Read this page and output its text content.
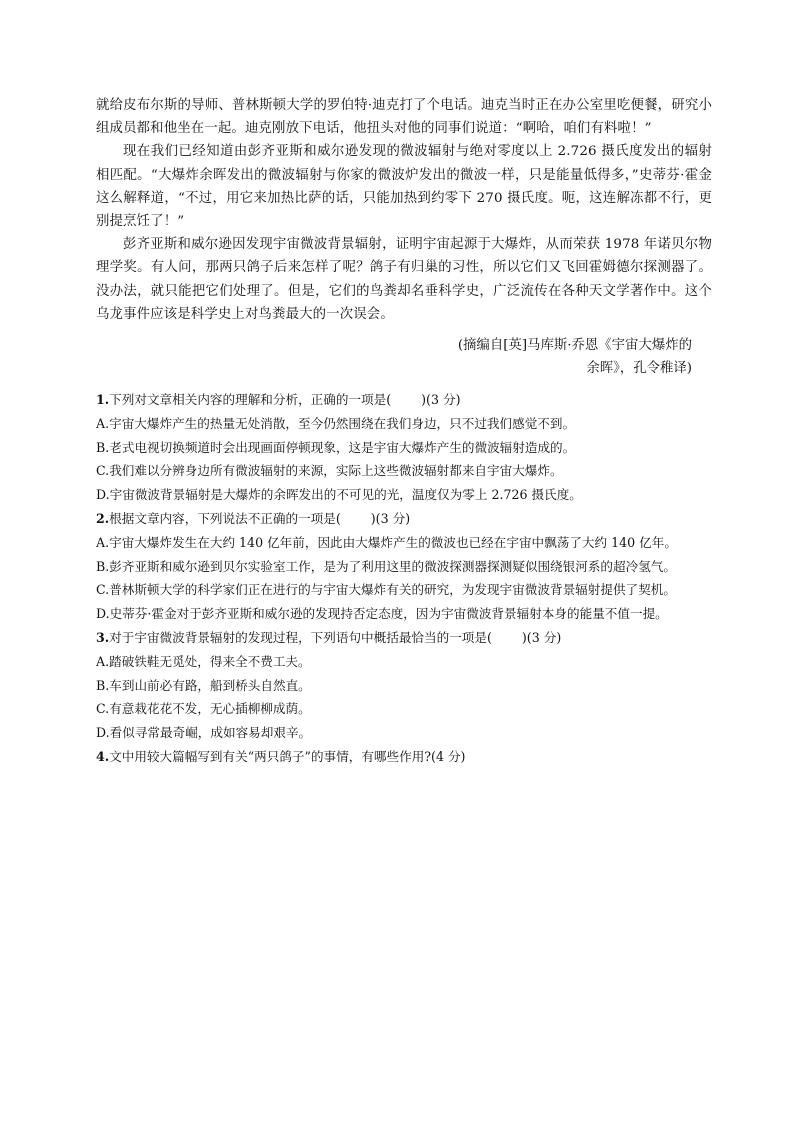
就给皮布尔斯的导师、普林斯顿大学的罗伯特·迪克打了个电话。迪克当时正在办公室里吃便餐，研究小组成员都和他坐在一起。迪克刚放下电话，他扭头对他的同事们说道：“啊哈，咱们有料啦！”

现在我们已经知道由彭齐亚斯和威尔逊发现的微波辐射与绝对零度以上 2.726 摄氏度发出的辐射相匹配。“大爆炸余晖发出的微波辐射与你家的微波炉发出的微波一样，只是能量低得多，”史蒂芬·霍金这么解释道，“不过，用它来加热比萨的话，只能加热到约零下 270 摄氏度。呃，这连解冻都不行，更别提烹饪了！”

彭齐亚斯和威尔逊因发现宇宙微波背景辐射，证明宇宙起源于大爆炸，从而荣获 1978 年诺贝尔物理学奖。有人问，那两只鸽子后来怎样了呢？鸽子有归巢的习性，所以它们又飞回霍姆德尔探测器了。没办法，就只能把它们处理了。但是，它们的鸟粪却名垂科学史，广泛流传在各种天文学著作中。这个乌龙事件应该是科学史上对鸟粪最大的一次误会。

(摘编自[英]马库斯·乔恩《宇宙大爆炸的余晖》，孔令稚译)

1.下列对文章相关内容的理解和分析，正确的一项是( )(3 分)

A.宇宙大爆炸产生的热量无处消散，至今仍然围绕在我们身边，只不过我们感觉不到。

B.老式电视切换频道时会出现画面停顿现象，这是宇宙大爆炸产生的微波辐射造成的。

C.我们难以分辨身边所有微波辐射的来源，实际上这些微波辐射都来自宇宙大爆炸。

D.宇宙微波背景辐射是大爆炸的余晖发出的不可见的光，温度仅为零上 2.726 摄氏度。

2.根据文章内容，下列说法不正确的一项是( )(3 分)

A.宇宙大爆炸发生在大约 140 亿年前，因此由大爆炸产生的微波也已经在宇宙中飘荡了大约 140 亿年。

B.彭齐亚斯和威尔逊到贝尔实验室工作，是为了利用这里的微波探测器探测疑似围绕银河系的超冷氢气。

C.普林斯顿大学的科学家们正在进行的与宇宙大爆炸有关的研究，为发现宇宙微波背景辐射提供了契机。

D.史蒂芬·霍金对于彭齐亚斯和威尔逊的发现持否定态度，因为宇宙微波背景辐射本身的能量不值一提。

3.对于宇宙微波背景辐射的发现过程，下列语句中概括最恰当的一项是( )(3 分)

A.踏破铁鞋无觅处，得来全不费工夫。

B.车到山前必有路，船到桥头自然直。

C.有意栽花花不发，无心插柳柳成荫。

D.看似寻常最奇崛，成如容易却艰辛。

4.文中用较大篇幅写到有关“两只鸽子”的事情，有哪些作用?(4 分)
